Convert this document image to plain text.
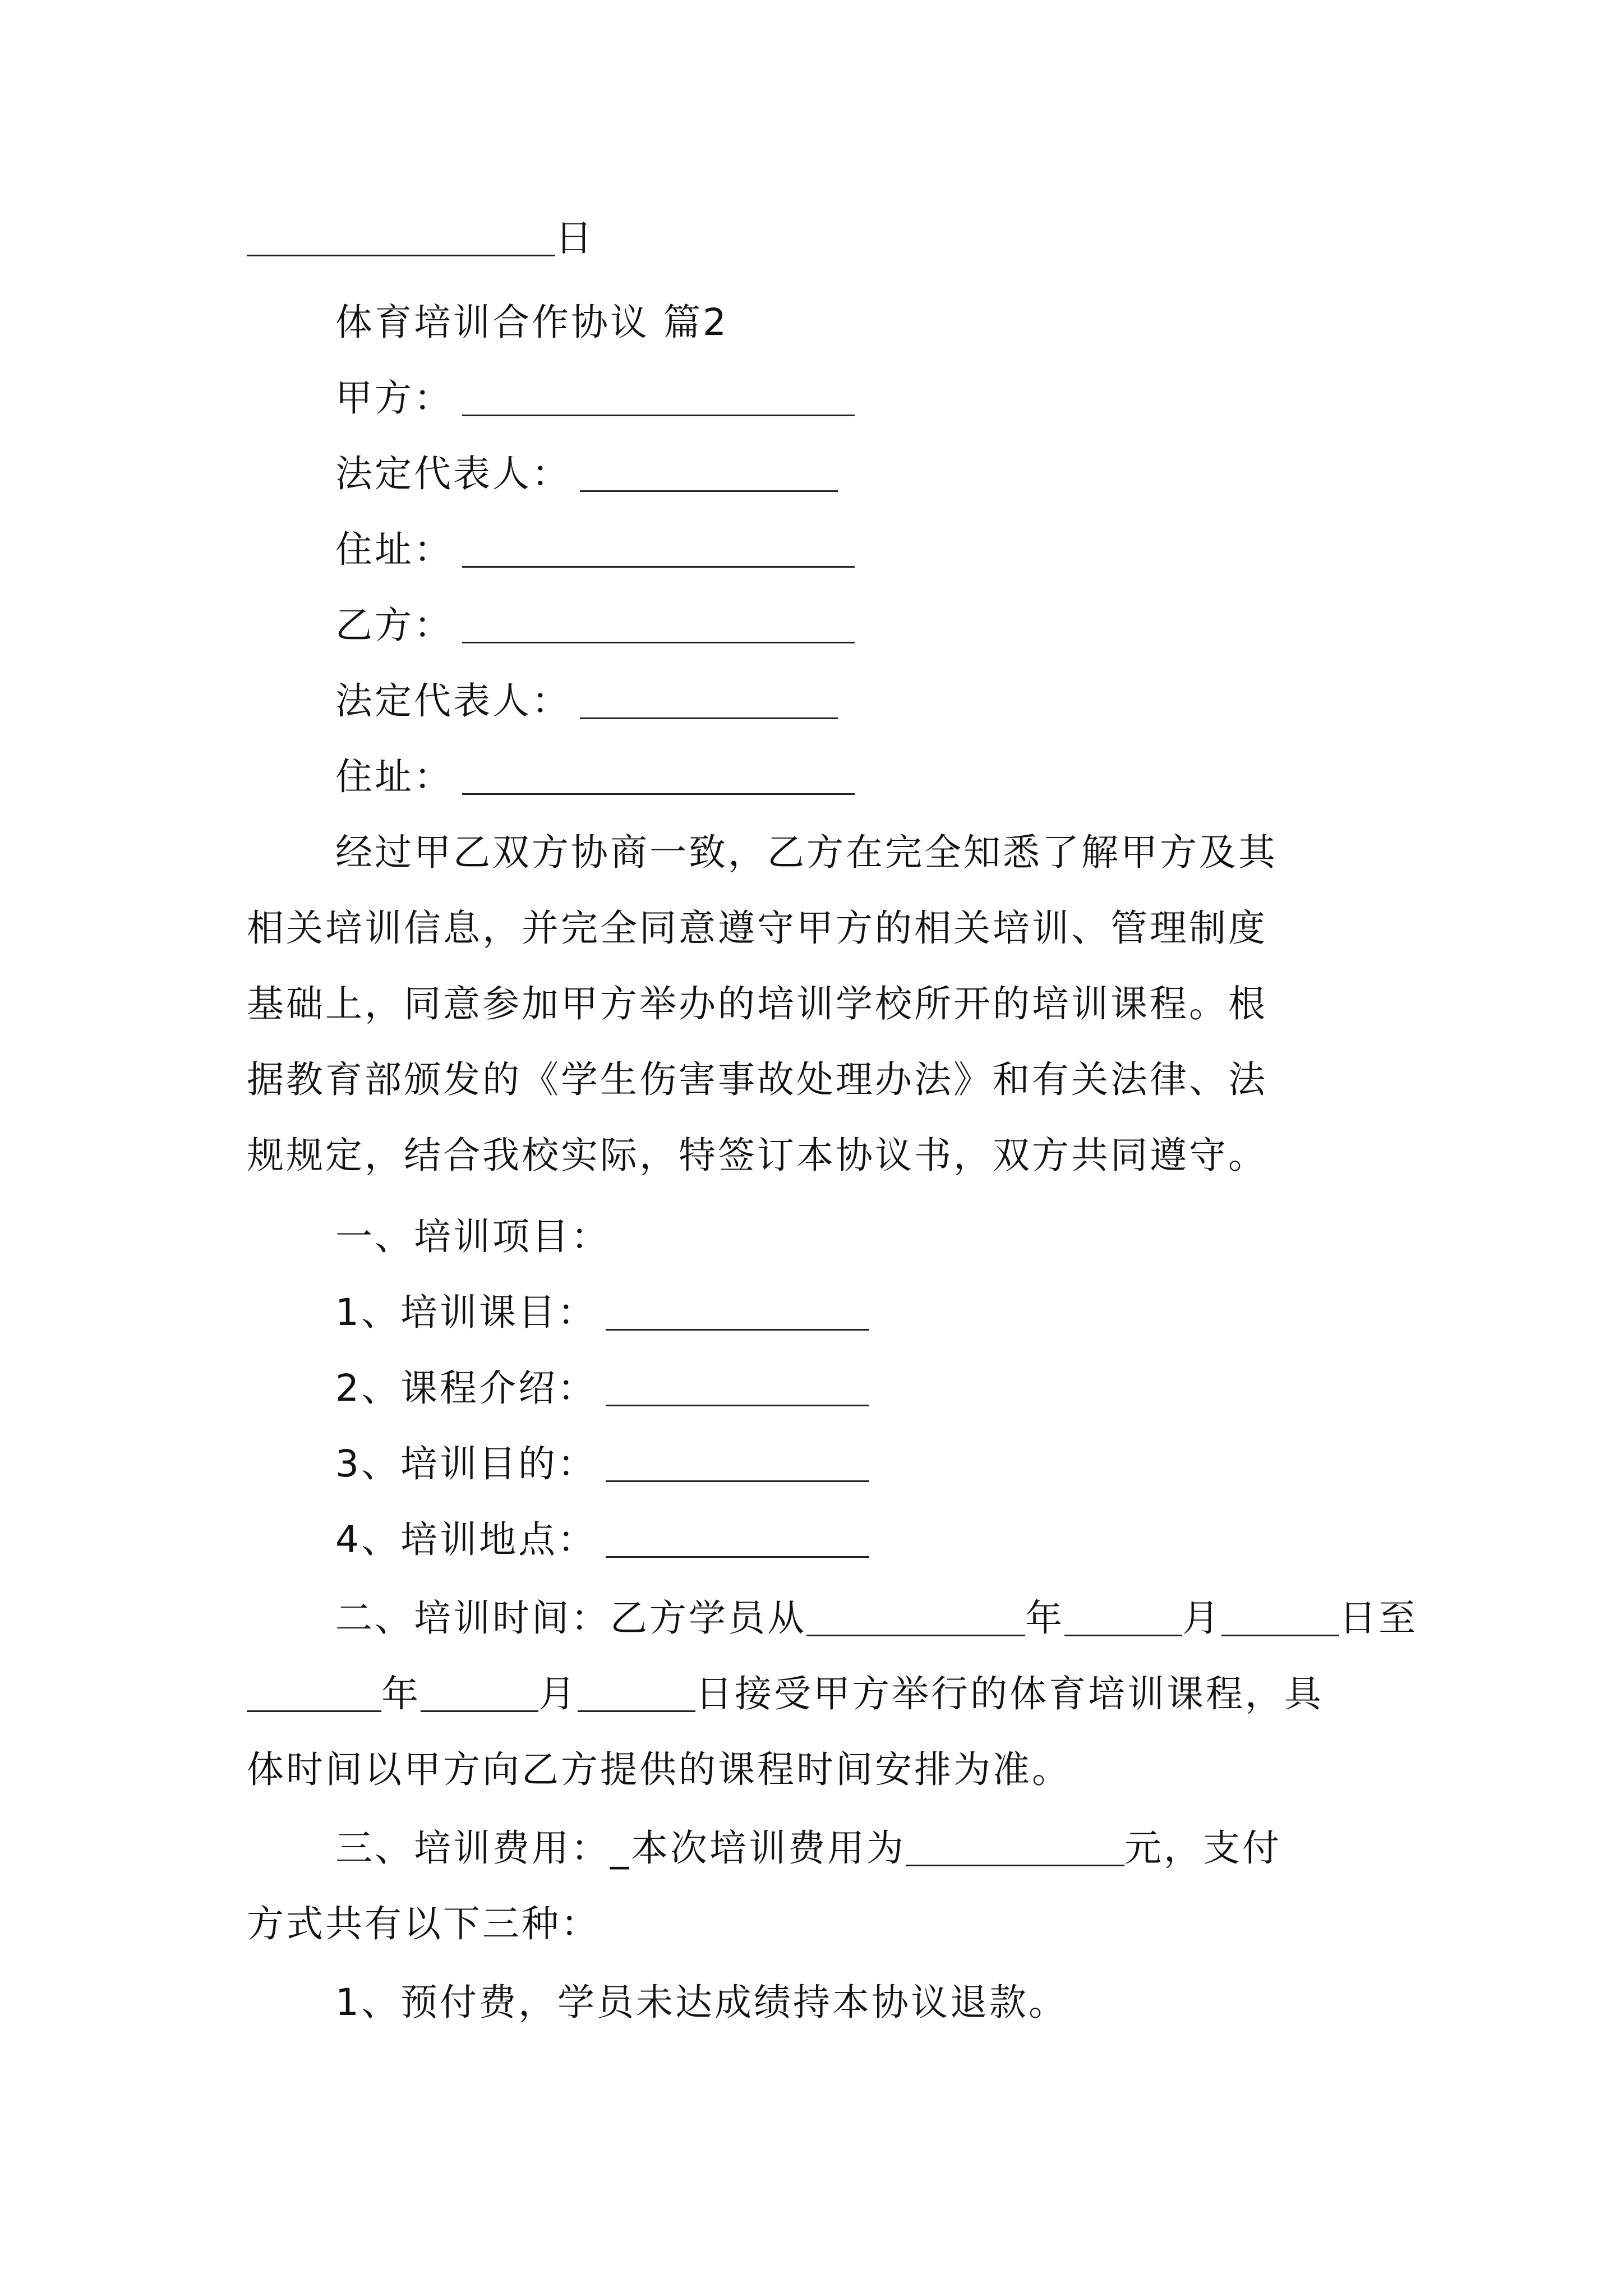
日
体育培训合作协议 篇2
甲方：
法定代表人：
住址：
乙方：
法定代表人：
住址：
经过甲乙双方协商一致，乙方在完全知悉了解甲方及其
相关培训信息，并完全同意遵守甲方的相关培训、管理制度
基础上，同意参加甲方举办的培训学校所开的培训课程。根
据教育部颁发的《学生伤害事故处理办法》和有关法律、法
规规定，结合我校实际，特签订本协议书，双方共同遵守。
一、培训项目：
1、培训课目：
2、课程介绍：
3、培训目的：
4、培训地点：
二、培训时间：乙方学员从	年	月	日至
年	月	日接受甲方举行的体育培训课程，具
体时间以甲方向乙方提供的课程时间安排为准。
三、培训费用：_本次培训费用为	元，支付
方式共有以下三种：
1、预付费，学员未达成绩持本协议退款。
